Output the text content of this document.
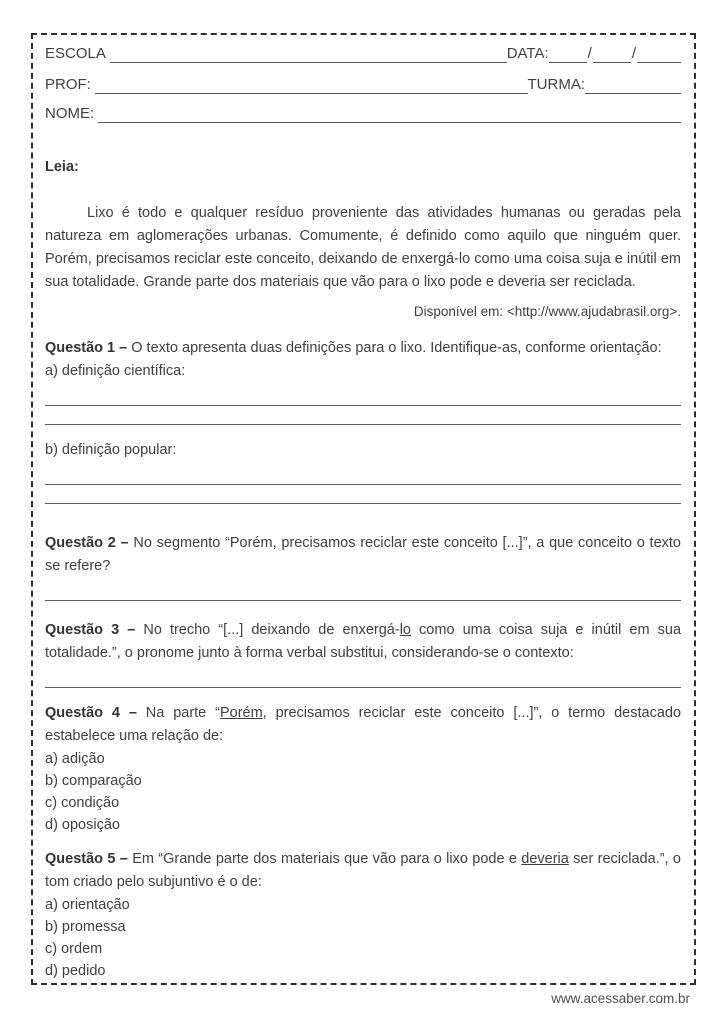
ESCOLA	DATA:	/	/
PROF:	TURMA:
NOME:

Leia:

Lixo é todo e qualquer resíduo proveniente das atividades humanas ou geradas pela natureza em aglomerações urbanas. Comumente, é definido como aquilo que ninguém quer. Porém, precisamos reciclar este conceito, deixando de enxergá-lo como uma coisa suja e inútil em sua totalidade. Grande parte dos materiais que vão para o lixo pode e deveria ser reciclada.

Disponível em: <http://www.ajudabrasil.org>.

Questão 1 – O texto apresenta duas definições para o lixo. Identifique-as, conforme orientação:

a) definição científica:

b) definição popular:

Questão 2 – No segmento “Porém, precisamos reciclar este conceito [...]”, a que conceito o texto se refere?

Questão 3 – No trecho “[...] deixando de enxergá-lo como uma coisa suja e inútil em sua totalidade.”, o pronome junto à forma verbal substitui, considerando-se o contexto:

Questão 4 – Na parte “Porém, precisamos reciclar este conceito [...]”, o termo destacado estabelece uma relação de:

a) adição

b) comparação

c) condição

d) oposição

Questão 5 – Em “Grande parte dos materiais que vão para o lixo pode e deveria ser reciclada.”, o tom criado pelo subjuntivo é o de:

a) orientação

b) promessa

c) ordem

d) pedido

www.acessaber.com.br
